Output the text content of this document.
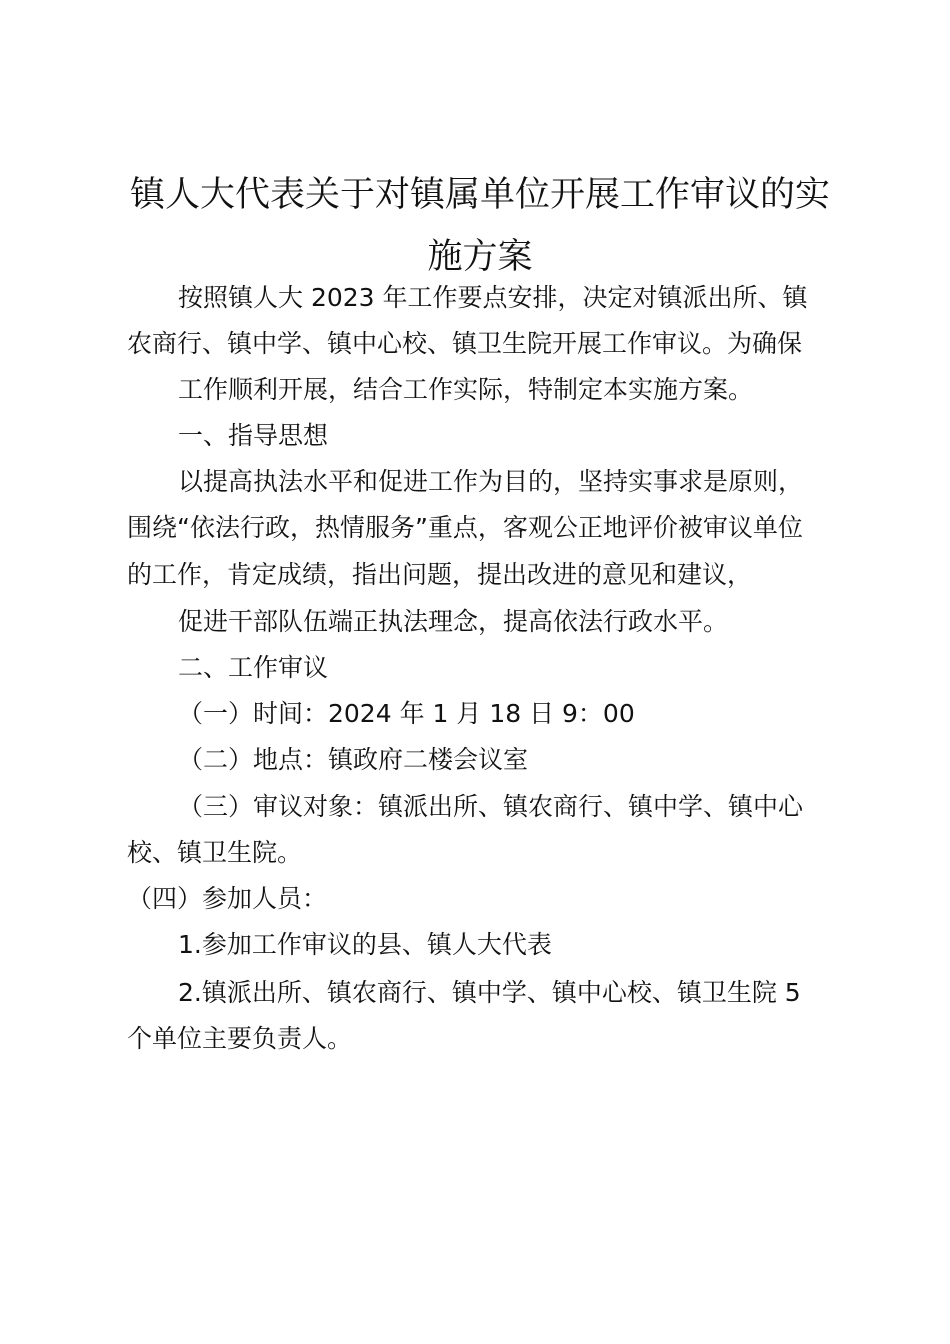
镇人大代表关于对镇属单位开展工作审议的实
施方案
按照镇人大 2023 年工作要点安排，决定对镇派出所、镇
农商行、镇中学、镇中心校、镇卫生院开展工作审议。为确保
工作顺利开展，结合工作实际，特制定本实施方案。
一、指导思想
以提高执法水平和促进工作为目的，坚持实事求是原则，
围绕“依法行政，热情服务”重点，客观公正地评价被审议单位
的工作，肯定成绩，指出问题，提出改进的意见和建议，
促进干部队伍端正执法理念，提高依法行政水平。
二、工作审议
（一）时间：2024 年 1 月 18 日 9：00
（二）地点：镇政府二楼会议室
（三）审议对象：镇派出所、镇农商行、镇中学、镇中心
校、镇卫生院。
（四）参加人员：
1.参加工作审议的县、镇人大代表
2.镇派出所、镇农商行、镇中学、镇中心校、镇卫生院 5
个单位主要负责人。
